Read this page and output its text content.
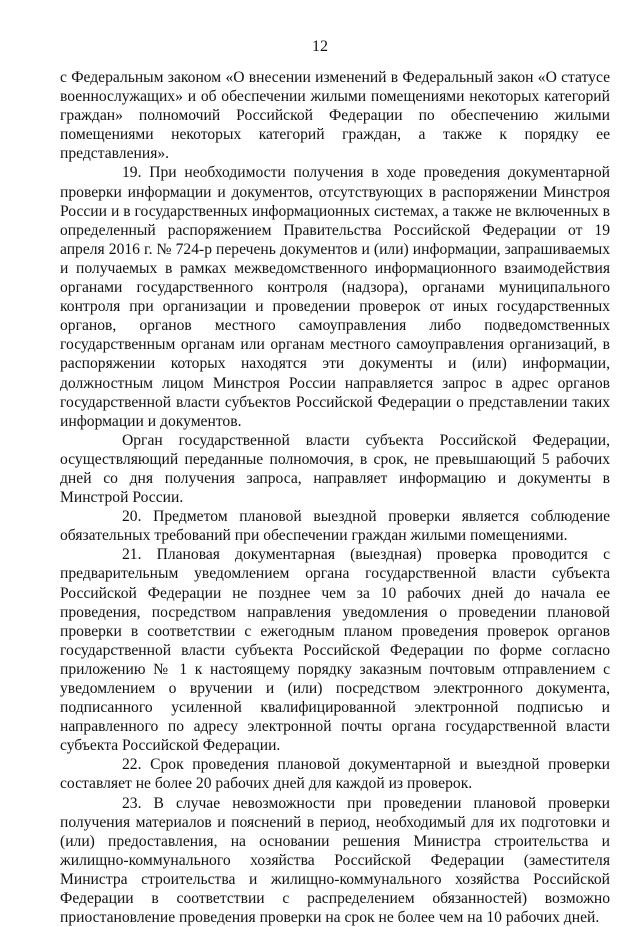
12

с Федеральным законом «О внесении изменений в Федеральный закон «О статусе военнослужащих» и об обеспечении жилыми помещениями некоторых категорий граждан» полномочий Российской Федерации по обеспечению жилыми помещениями некоторых категорий граждан, а также к порядку ее представления».

19. При необходимости получения в ходе проведения документарной проверки информации и документов, отсутствующих в распоряжении Минстроя России и в государственных информационных системах, а также не включенных в определенный распоряжением Правительства Российской Федерации от 19 апреля 2016 г. № 724-р перечень документов и (или) информации, запрашиваемых и получаемых в рамках межведомственного информационного взаимодействия органами государственного контроля (надзора), органами муниципального контроля при организации и проведении проверок от иных государственных органов, органов местного самоуправления либо подведомственных государственным органам или органам местного самоуправления организаций, в распоряжении которых находятся эти документы и (или) информации, должностным лицом Минстроя России направляется запрос в адрес органов государственной власти субъектов Российской Федерации о представлении таких информации и документов.

Орган государственной власти субъекта Российской Федерации, осуществляющий переданные полномочия, в срок, не превышающий 5 рабочих дней со дня получения запроса, направляет информацию и документы в Минстрой России.

20. Предметом плановой выездной проверки является соблюдение обязательных требований при обеспечении граждан жилыми помещениями.

21. Плановая документарная (выездная) проверка проводится с предварительным уведомлением органа государственной власти субъекта Российской Федерации не позднее чем за 10 рабочих дней до начала ее проведения, посредством направления уведомления о проведении плановой проверки в соответствии с ежегодным планом проведения проверок органов государственной власти субъекта Российской Федерации по форме согласно приложению № 1 к настоящему порядку заказным почтовым отправлением с уведомлением о вручении и (или) посредством электронного документа, подписанного усиленной квалифицированной электронной подписью и направленного по адресу электронной почты органа государственной власти субъекта Российской Федерации.

22. Срок проведения плановой документарной и выездной проверки составляет не более 20 рабочих дней для каждой из проверок.

23. В случае невозможности при проведении плановой проверки получения материалов и пояснений в период, необходимый для их подготовки и (или) предоставления, на основании решения Министра строительства и жилищно-коммунального хозяйства Российской Федерации (заместителя Министра строительства и жилищно-коммунального хозяйства Российской Федерации в соответствии с распределением обязанностей) возможно приостановление проведения проверки на срок не более чем на 10 рабочих дней.
